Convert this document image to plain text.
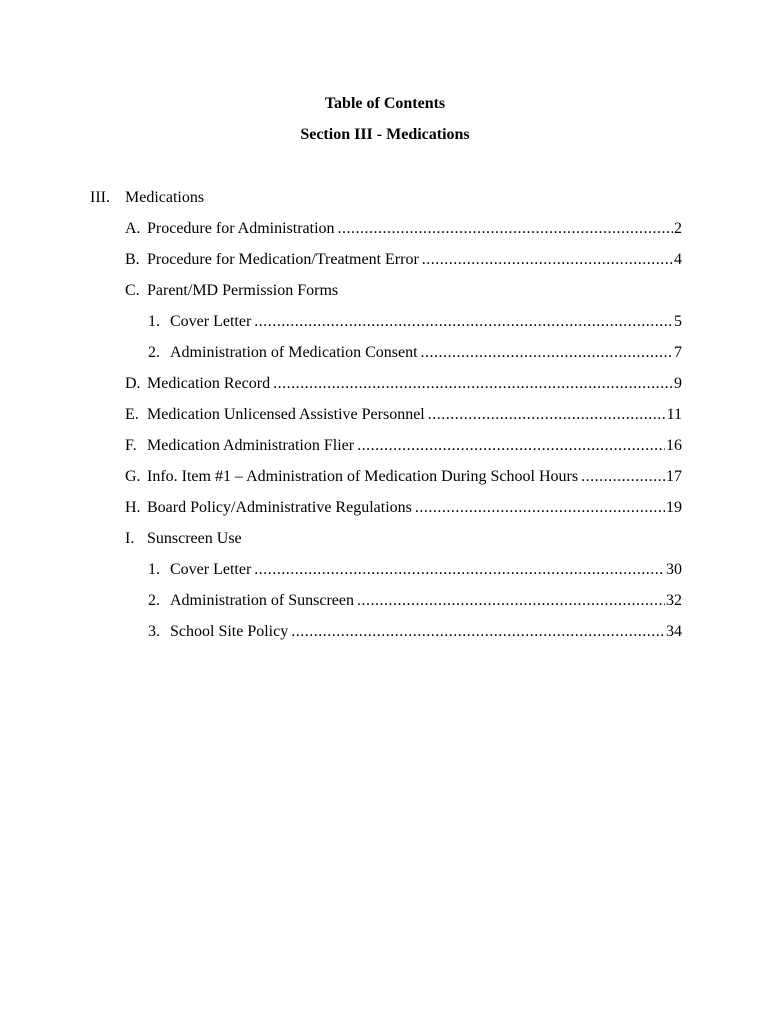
Table of Contents
Section III - Medications
III. Medications
A. Procedure for Administration .....	2
B. Procedure for Medication/Treatment Error .....	4
C. Parent/MD Permission Forms
1. Cover Letter .....	5
2. Administration of Medication Consent .....	7
D. Medication Record .....	9
E. Medication Unlicensed Assistive Personnel .....	11
F. Medication Administration Flier .....	16
G. Info. Item #1 – Administration of Medication During School Hours .....	17
H. Board Policy/Administrative Regulations .....	19
I. Sunscreen Use
1. Cover Letter .....	30
2. Administration of Sunscreen .....	32
3. School Site Policy .....	34
